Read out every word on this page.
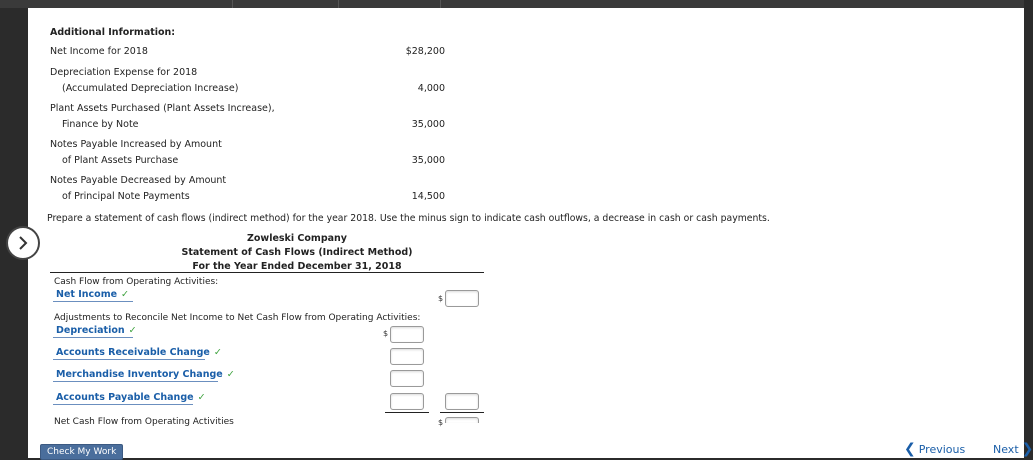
Additional Information:
Net Income for 2018	$28,200
Depreciation Expense for 2018
(Accumulated Depreciation Increase)	4,000
Plant Assets Purchased (Plant Assets Increase),
Finance by Note	35,000
Notes Payable Increased by Amount
of Plant Assets Purchase	35,000
Notes Payable Decreased by Amount
of Principal Note Payments	14,500
Prepare a statement of cash flows (indirect method) for the year 2018. Use the minus sign to indicate cash outflows, a decrease in cash or cash payments.
Zowleski Company
Statement of Cash Flows (Indirect Method)
For the Year Ended December 31, 2018
Cash Flow from Operating Activities:
Net Income ✓	$
Adjustments to Reconcile Net Income to Net Cash Flow from Operating Activities:
Depreciation ✓	$
Accounts Receivable Change ✓
Merchandise Inventory Change ✓
Accounts Payable Change ✓
Net Cash Flow from Operating Activities	$
Check My Work	❮ Previous	Next ❯
